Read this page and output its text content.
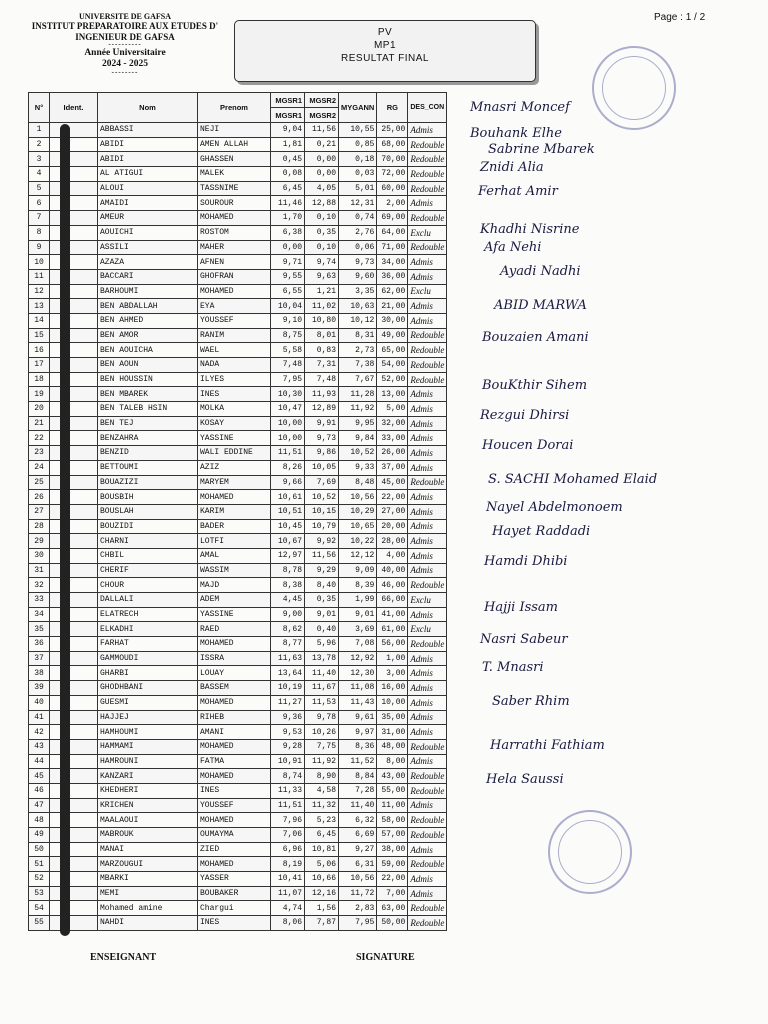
UNIVERSITE DE GAFSA
INSTITUT PREPARATOIRE AUX ETUDES D'
INGENIEUR DE GAFSA
----------
Année Universitaire
2024 - 2025
--------
PV
MP1
RESULTAT FINAL
Page : 1 / 2
N°	Ident.	Nom	Prenom	MGSR1	MGSR2	MYGANN	RG	DES_CON
				MGSR1	MGSR2			
1		ABBASSI	NEJI	9,04	11,56	10,55	25,00	Admis
2		ABIDI	AMEN ALLAH	1,81	0,21	0,85	68,00	Redouble
3		ABIDI	GHASSEN	0,45	0,00	0,18	70,00	Redouble
4		AL ATIGUI	MALEK	0,08	0,00	0,03	72,00	Redouble
5		ALOUI	TASSNIME	6,45	4,05	5,01	60,00	Redouble
6		AMAIDI	SOUROUR	11,46	12,88	12,31	2,00	Admis
7		AMEUR	MOHAMED	1,70	0,10	0,74	69,00	Redouble
8		AOUICHI	ROSTOM	6,38	0,35	2,76	64,00	Exclu
9		ASSILI	MAHER	0,00	0,10	0,06	71,00	Redouble
10		AZAZA	AFNEN	9,71	9,74	9,73	34,00	Admis
11		BACCARI	GHOFRAN	9,55	9,63	9,60	36,00	Admis
12		BARHOUMI	MOHAMED	6,55	1,21	3,35	62,00	Exclu
13		BEN ABDALLAH	EYA	10,04	11,02	10,63	21,00	Admis
14		BEN AHMED	YOUSSEF	9,10	10,80	10,12	30,00	Admis
15		BEN AMOR	RANIM	8,75	8,01	8,31	49,00	Redouble
16		BEN AOUICHA	WAEL	5,58	0,83	2,73	65,00	Redouble
17		BEN AOUN	NADA	7,48	7,31	7,38	54,00	Redouble
18		BEN HOUSSIN	ILYES	7,95	7,48	7,67	52,00	Redouble
19		BEN MBAREK	INES	10,30	11,93	11,28	13,00	Admis
20		BEN TALEB HSIN	MOLKA	10,47	12,89	11,92	5,00	Admis
21		BEN TEJ	KOSAY	10,00	9,91	9,95	32,00	Admis
22		BENZAHRA	YASSINE	10,00	9,73	9,84	33,00	Admis
23		BENZID	WALI EDDINE	11,51	9,86	10,52	26,00	Admis
24		BETTOUMI	AZIZ	8,26	10,05	9,33	37,00	Admis
25		BOUAZIZI	MARYEM	9,66	7,69	8,48	45,00	Redouble
26		BOUSBIH	MOHAMED	10,61	10,52	10,56	22,00	Admis
27		BOUSLAH	KARIM	10,51	10,15	10,29	27,00	Admis
28		BOUZIDI	BADER	10,45	10,79	10,65	20,00	Admis
29		CHARNI	LOTFI	10,67	9,92	10,22	28,00	Admis
30		CHBIL	AMAL	12,97	11,56	12,12	4,00	Admis
31		CHERIF	WASSIM	8,78	9,29	9,09	40,00	Admis
32		CHOUR	MAJD	8,38	8,40	8,39	46,00	Redouble
33		DALLALI	ADEM	4,45	0,35	1,99	66,00	Exclu
34		ELATRECH	YASSINE	9,00	9,01	9,01	41,00	Admis
35		ELKADHI	RAED	8,62	0,40	3,69	61,00	Exclu
36		FARHAT	MOHAMED	8,77	5,96	7,08	56,00	Redouble
37		GAMMOUDI	ISSRA	11,63	13,78	12,92	1,00	Admis
38		GHARBI	LOUAY	13,64	11,40	12,30	3,00	Admis
39		GHODHBANI	BASSEM	10,19	11,67	11,08	16,00	Admis
40		GUESMI	MOHAMED	11,27	11,53	11,43	10,00	Admis
41		HAJJEJ	RIHEB	9,36	9,78	9,61	35,00	Admis
42		HAMHOUMI	AMANI	9,53	10,26	9,97	31,00	Admis
43		HAMMAMI	MOHAMED	9,28	7,75	8,36	48,00	Redouble
44		HAMROUNI	FATMA	10,91	11,92	11,52	8,00	Admis
45		KANZARI	MOHAMED	8,74	8,90	8,84	43,00	Redouble
46		KHEDHERI	INES	11,33	4,58	7,28	55,00	Redouble
47		KRICHEN	YOUSSEF	11,51	11,32	11,40	11,00	Admis
48		MAALAOUI	MOHAMED	7,96	5,23	6,32	58,00	Redouble
49		MABROUK	OUMAYMA	7,06	6,45	6,69	57,00	Redouble
50		MANAI	ZIED	6,96	10,81	9,27	38,00	Admis
51		MARZOUGUI	MOHAMED	8,19	5,06	6,31	59,00	Redouble
52		MBARKI	YASSER	10,41	10,66	10,56	22,00	Admis
53		MEMI	BOUBAKER	11,07	12,16	11,72	7,00	Admis
54		Mohamed amine	Chargui	4,74	1,56	2,83	63,00	Redouble
55		NAHDI	INES	8,06	7,87	7,95	50,00	Redouble
Mnasri Moncef
Bouhank Elhe
Sabrine Mbarek
Znidi Alia
Ferhat Amir
Khadhi Nisrine
Afa Nehi
Ayadi Nadhi
ABID MARWA
Bouzaien Amani
BouKthir Sihem
Rezgui Dhirsi
Houcen Dorai
S. SACHI Mohamed Elaid
Nayel Abdelmonoem
Hayet Raddadi
Hamdi Dhibi
Hajji Issam
Nasri Sabeur
T. Mnasri
Saber Rhim
Harrathi Fathiam
Hela Saussi
ENSEIGNANT	SIGNATURE
